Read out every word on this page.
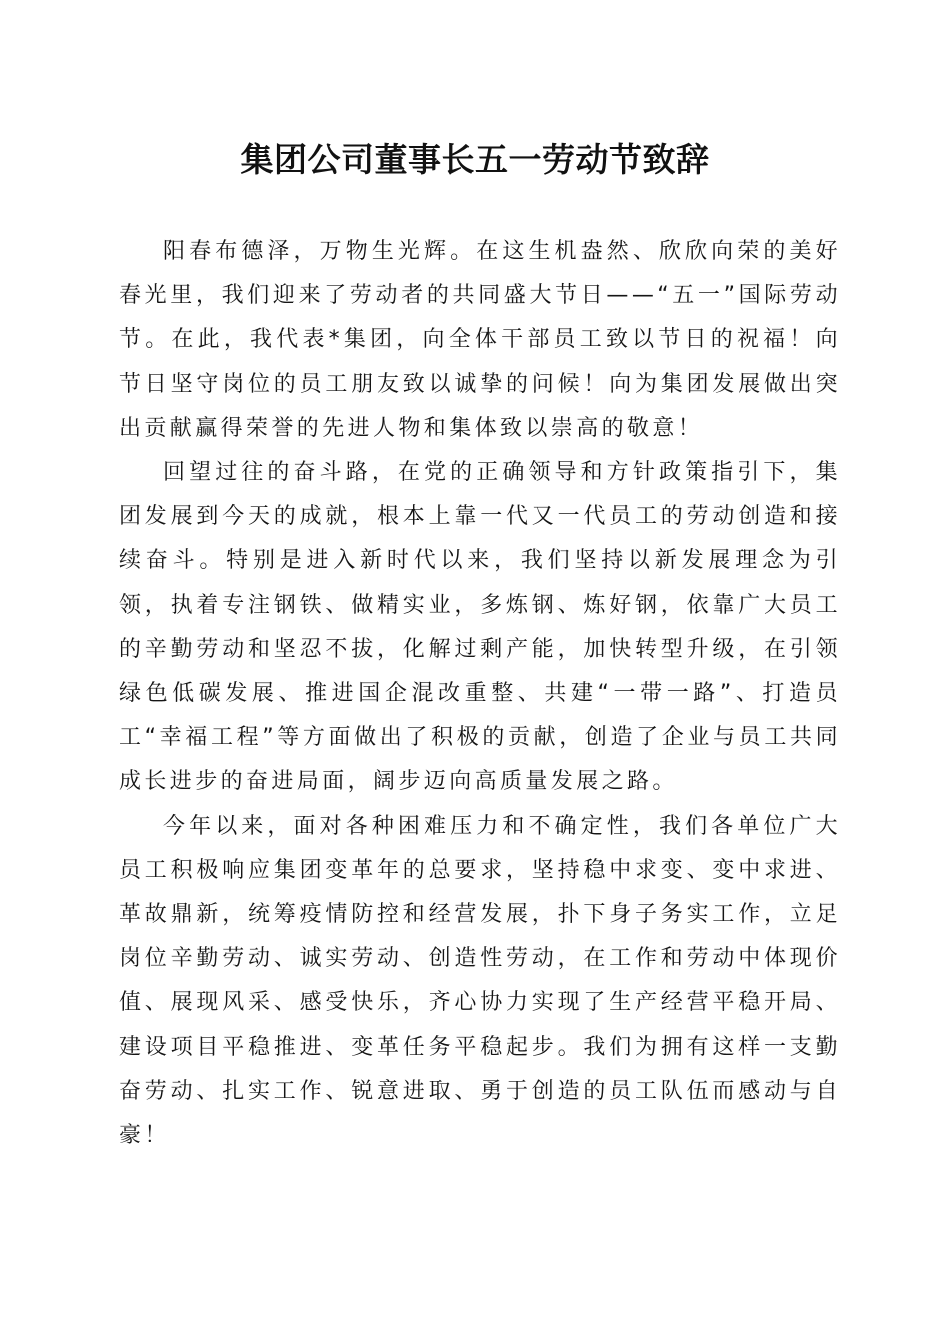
集团公司董事长五一劳动节致辞

阳春布德泽，万物生光辉。在这生机盎然、欣欣向荣的美好春光里，我们迎来了劳动者的共同盛大节日——“五一”国际劳动节。在此，我代表*集团，向全体干部员工致以节日的祝福！向节日坚守岗位的员工朋友致以诚挚的问候！向为集团发展做出突出贡献赢得荣誉的先进人物和集体致以崇高的敬意！

回望过往的奋斗路，在党的正确领导和方针政策指引下，集团发展到今天的成就，根本上靠一代又一代员工的劳动创造和接续奋斗。特别是进入新时代以来，我们坚持以新发展理念为引领，执着专注钢铁、做精实业，多炼钢、炼好钢，依靠广大员工的辛勤劳动和坚忍不拔，化解过剩产能，加快转型升级，在引领绿色低碳发展、推进国企混改重整、共建“一带一路”、打造员工“幸福工程”等方面做出了积极的贡献，创造了企业与员工共同成长进步的奋进局面，阔步迈向高质量发展之路。

今年以来，面对各种困难压力和不确定性，我们各单位广大员工积极响应集团变革年的总要求，坚持稳中求变、变中求进、革故鼎新，统筹疫情防控和经营发展，扑下身子务实工作，立足岗位辛勤劳动、诚实劳动、创造性劳动，在工作和劳动中体现价值、展现风采、感受快乐，齐心协力实现了生产经营平稳开局、建设项目平稳推进、变革任务平稳起步。我们为拥有这样一支勤奋劳动、扎实工作、锐意进取、勇于创造的员工队伍而感动与自豪！
